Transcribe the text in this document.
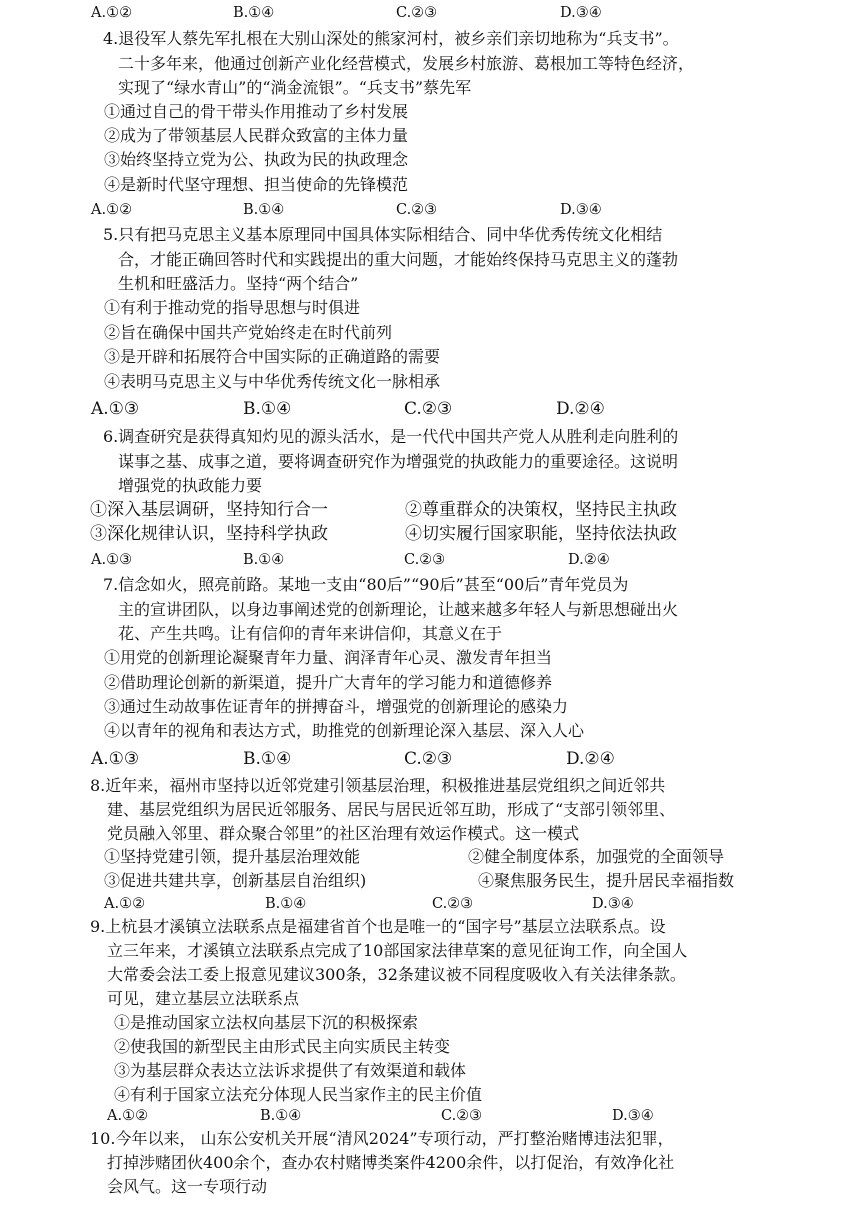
A.①②	B.①④	C.②③	D.③④
4.退役军人蔡先军扎根在大别山深处的熊家河村，被乡亲们亲切地称为“兵支书”。
二十多年来，他通过创新产业化经营模式，发展乡村旅游、葛根加工等特色经济，
实现了“绿水青山”的“淌金流银”。“兵支书”蔡先军
①通过自己的骨干带头作用推动了乡村发展
②成为了带领基层人民群众致富的主体力量
③始终坚持立党为公、执政为民的执政理念
④是新时代坚守理想、担当使命的先锋模范
A.①②	B.①④	C.②③	D.③④
5.只有把马克思主义基本原理同中国具体实际相结合、同中华优秀传统文化相结
合，才能正确回答时代和实践提出的重大问题，才能始终保持马克思主义的蓬勃
生机和旺盛活力。坚持“两个结合”
①有利于推动党的指导思想与时俱进
②旨在确保中国共产党始终走在时代前列
③是开辟和拓展符合中国实际的正确道路的需要
④表明马克思主义与中华优秀传统文化一脉相承
A.①③	B.①④	C.②③	D.②④
6.调查研究是获得真知灼见的源头活水，是一代代中国共产党人从胜利走向胜利的
谋事之基、成事之道，要将调查研究作为增强党的执政能力的重要途径。这说明
增强党的执政能力要
①深入基层调研，坚持知行合一	②尊重群众的决策权，坚持民主执政
③深化规律认识，坚持科学执政	④切实履行国家职能，坚持依法执政
A.①③	B.①④	C.②③	D.②④
7.信念如火，照亮前路。某地一支由“80后”“90后”甚至“00后”青年党员为
主的宣讲团队，以身边事阐述党的创新理论，让越来越多年轻人与新思想碰出火
花、产生共鸣。让有信仰的青年来讲信仰，其意义在于
①用党的创新理论凝聚青年力量、润泽青年心灵、激发青年担当
②借助理论创新的新渠道，提升广大青年的学习能力和道德修养
③通过生动故事佐证青年的拼搏奋斗，增强党的创新理论的感染力
④以青年的视角和表达方式，助推党的创新理论深入基层、深入人心
A.①③	B.①④	C.②③	D.②④
8.近年来，福州市坚持以近邻党建引领基层治理，积极推进基层党组织之间近邻共
建、基层党组织为居民近邻服务、居民与居民近邻互助，形成了“支部引领邻里、
党员融入邻里、群众聚合邻里”的社区治理有效运作模式。这一模式
①坚持党建引领，提升基层治理效能	②健全制度体系，加强党的全面领导
③促进共建共享，创新基层自治组织)	④聚焦服务民生，提升居民幸福指数
A.①②	B.①④	C.②③	D.③④
9.上杭县才溪镇立法联系点是福建省首个也是唯一的“国字号”基层立法联系点。设
立三年来，才溪镇立法联系点完成了10部国家法律草案的意见征询工作，向全国人
大常委会法工委上报意见建议300条，32条建议被不同程度吸收入有关法律条款。
可见，建立基层立法联系点
①是推动国家立法权向基层下沉的积极探索
②使我国的新型民主由形式民主向实质民主转变
③为基层群众表达立法诉求提供了有效渠道和载体
④有利于国家立法充分体现人民当家作主的民主价值
A.①②	B.①④	C.②③	D.③④
10.今年以来， 山东公安机关开展“清风2024”专项行动，严打整治赌博违法犯罪，
打掉涉赌团伙400余个，查办农村赌博类案件4200余件，以打促治，有效净化社
会风气。这一专项行动
